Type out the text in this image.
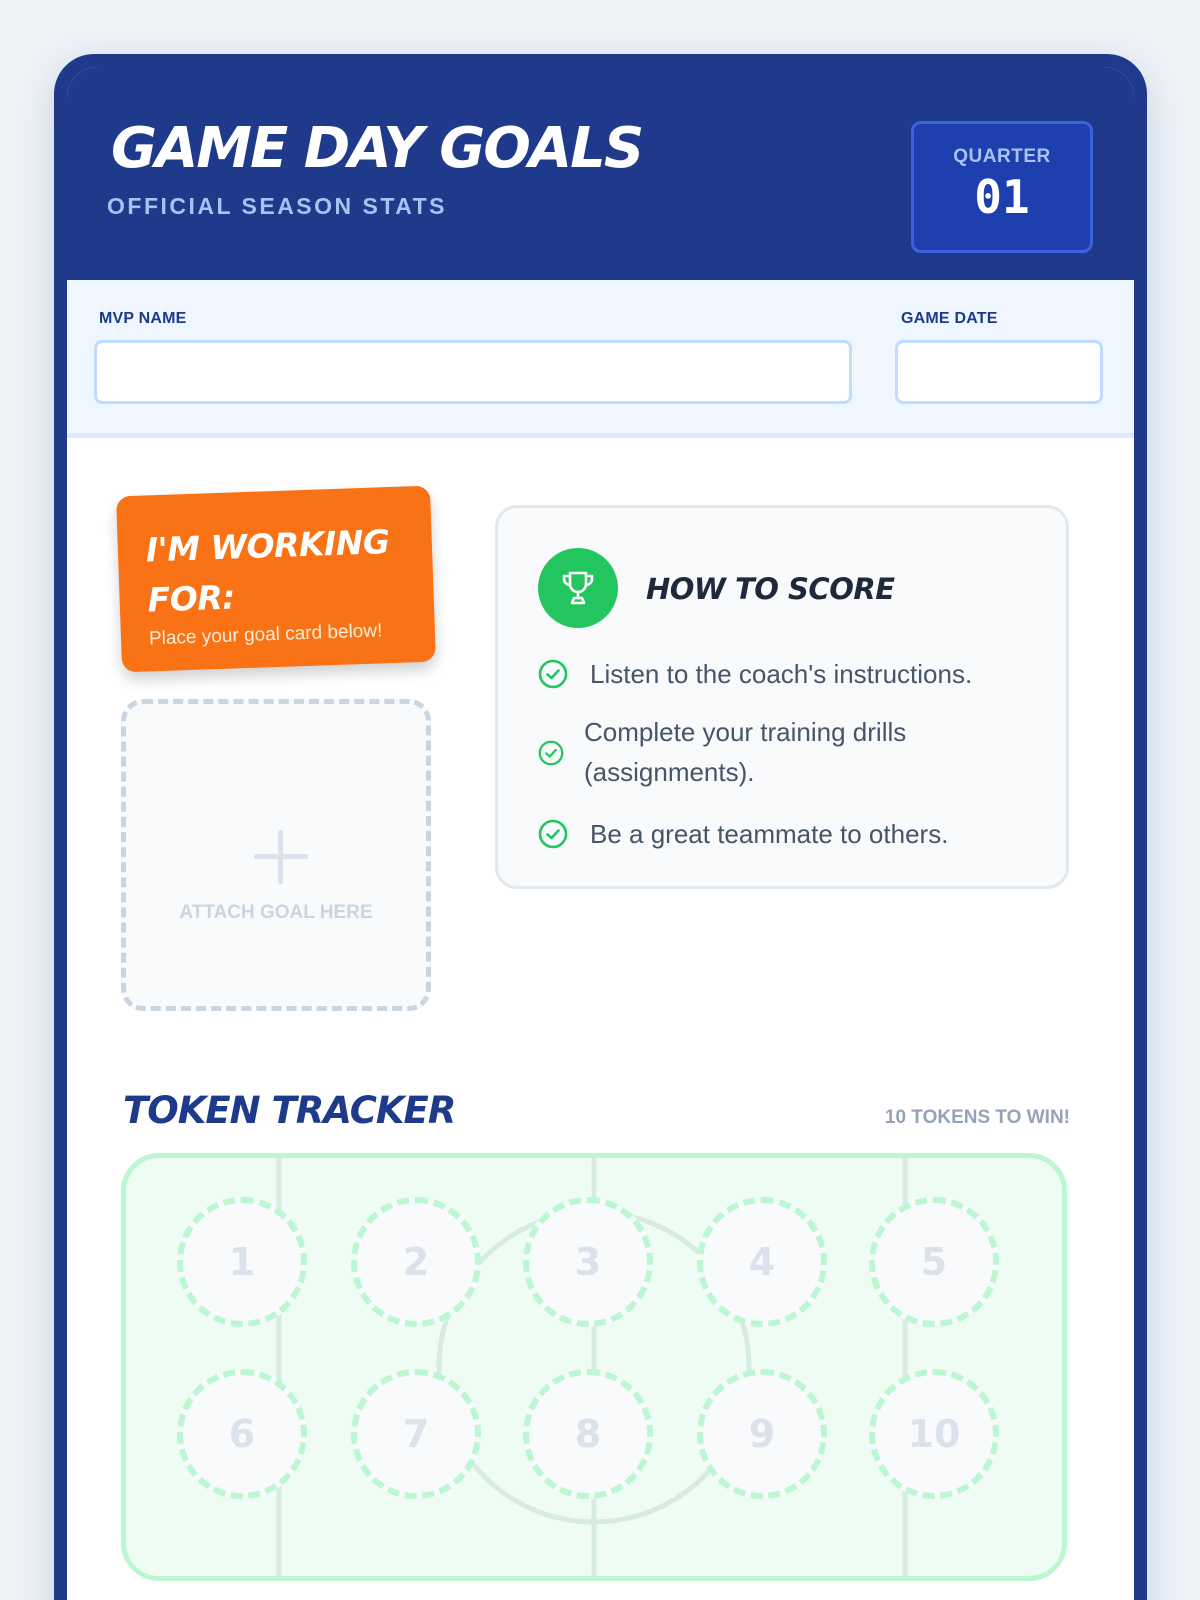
GAME DAY GOALS
OFFICIAL SEASON STATS
QUARTER
01
MVP NAME	GAME DATE
I'M WORKING FOR:
Place your goal card below!
ATTACH GOAL HERE
HOW TO SCORE
Listen to the coach's instructions.
Complete your training drills (assignments).
Be a great teammate to others.
TOKEN TRACKER	10 TOKENS TO WIN!
1	2	3	4	5
6	7	8	9	10
